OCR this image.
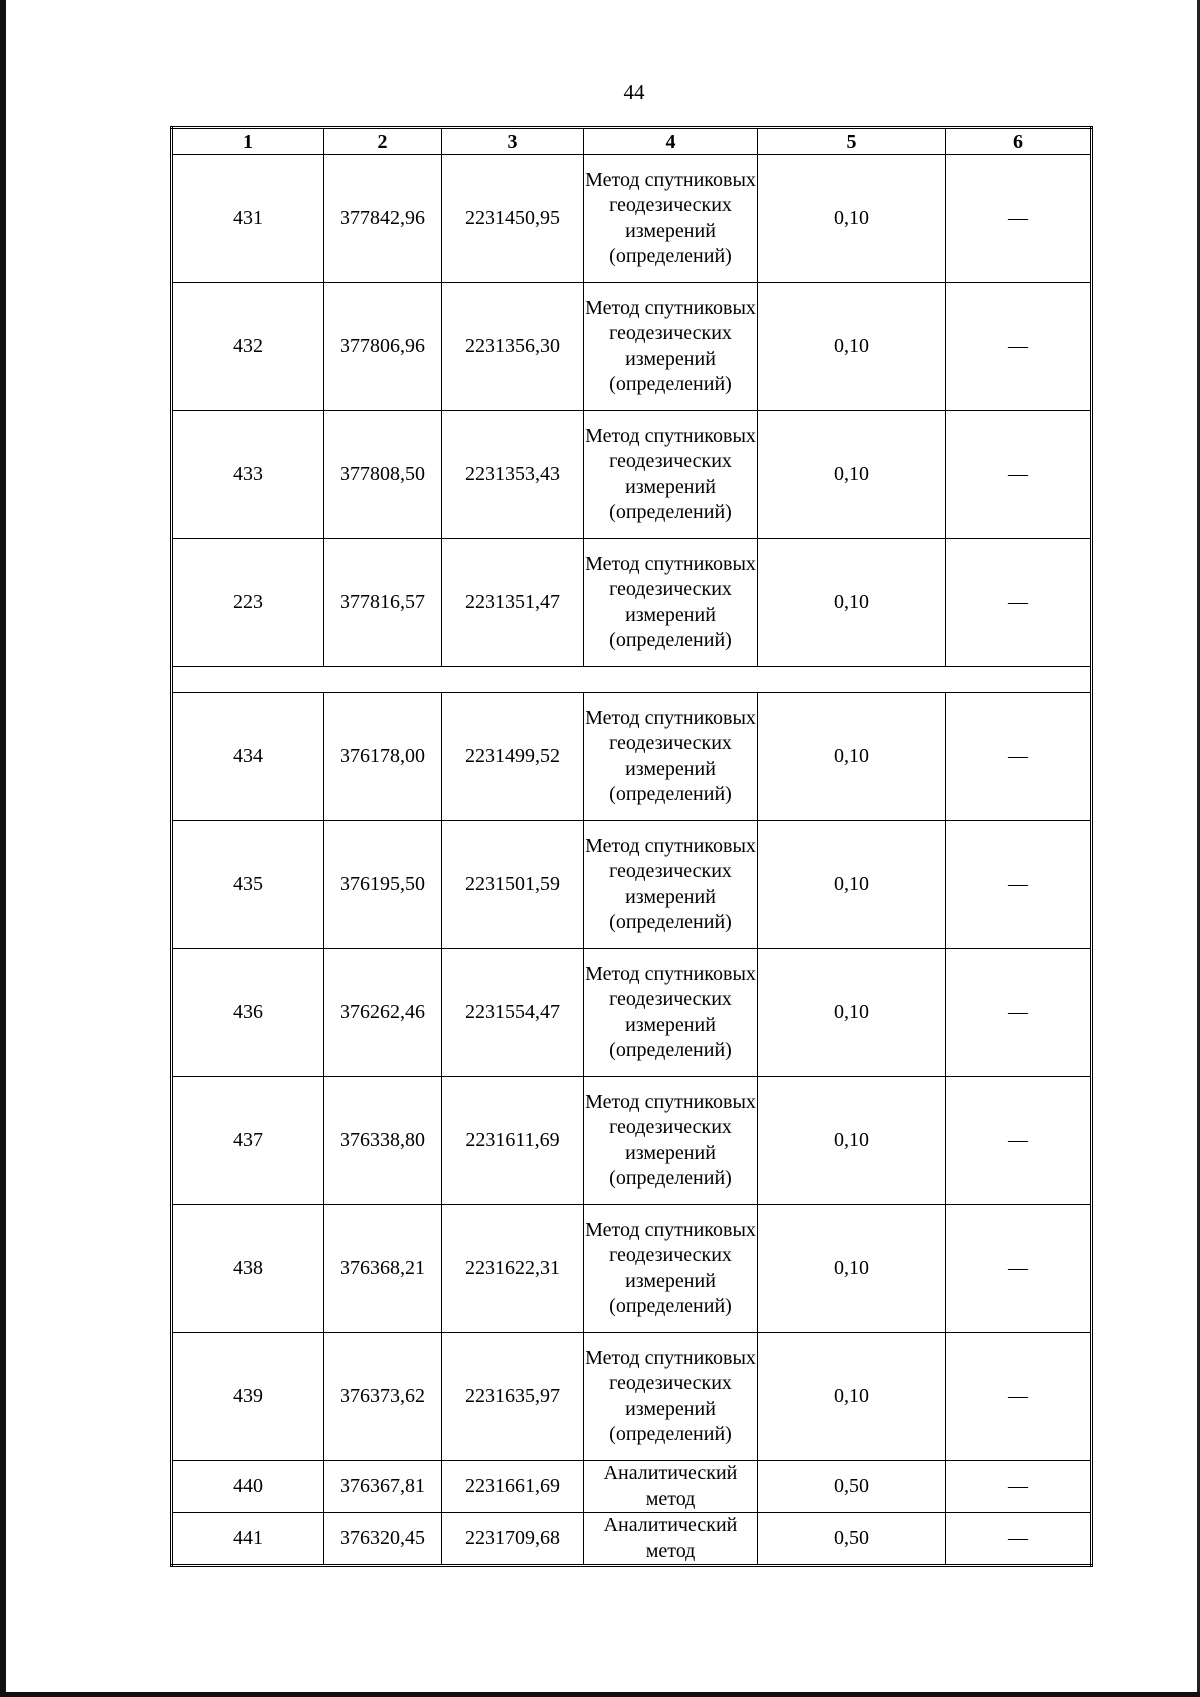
44
1	2	3	4	5	6
431	377842,96	2231450,95	Метод спутниковых геодезических измерений (определений)	0,10	—
432	377806,96	2231356,30	Метод спутниковых геодезических измерений (определений)	0,10	—
433	377808,50	2231353,43	Метод спутниковых геодезических измерений (определений)	0,10	—
223	377816,57	2231351,47	Метод спутниковых геодезических измерений (определений)	0,10	—

434	376178,00	2231499,52	Метод спутниковых геодезических измерений (определений)	0,10	—
435	376195,50	2231501,59	Метод спутниковых геодезических измерений (определений)	0,10	—
436	376262,46	2231554,47	Метод спутниковых геодезических измерений (определений)	0,10	—
437	376338,80	2231611,69	Метод спутниковых геодезических измерений (определений)	0,10	—
438	376368,21	2231622,31	Метод спутниковых геодезических измерений (определений)	0,10	—
439	376373,62	2231635,97	Метод спутниковых геодезических измерений (определений)	0,10	—
440	376367,81	2231661,69	Аналитический метод	0,50	—
441	376320,45	2231709,68	Аналитический метод	0,50	—
